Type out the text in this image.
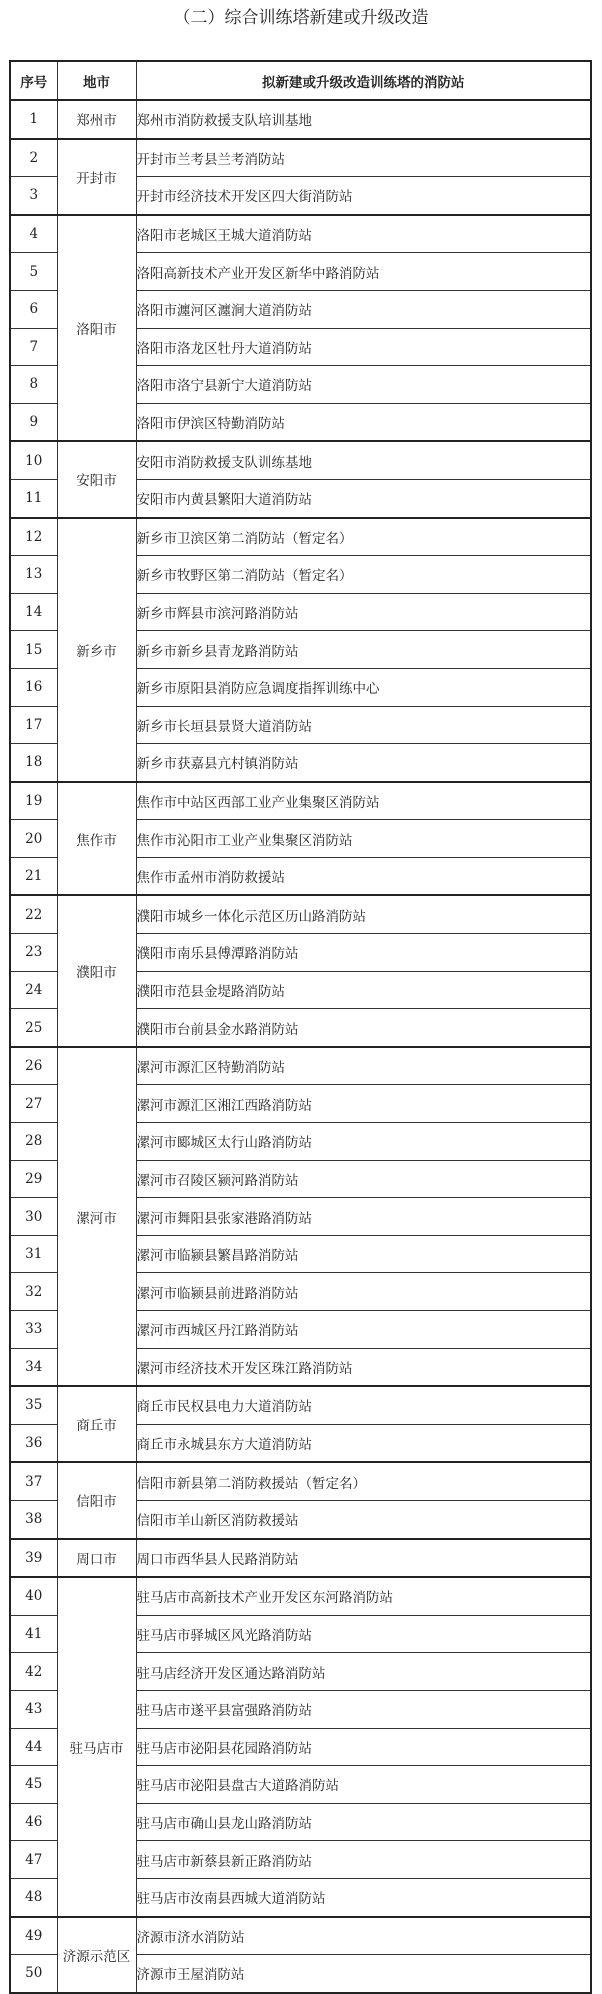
（二）综合训练塔新建或升级改造
序号	地市	拟新建或升级改造训练塔的消防站
1	郑州市	郑州市消防救援支队培训基地
2	开封市	开封市兰考县兰考消防站
3		开封市经济技术开发区四大街消防站
4	洛阳市	洛阳市老城区王城大道消防站
5		洛阳高新技术产业开发区新华中路消防站
6		洛阳市瀍河区瀍涧大道消防站
7		洛阳市洛龙区牡丹大道消防站
8		洛阳市洛宁县新宁大道消防站
9		洛阳市伊滨区特勤消防站
10	安阳市	安阳市消防救援支队训练基地
11		安阳市内黄县繁阳大道消防站
12	新乡市	新乡市卫滨区第二消防站（暂定名）
13		新乡市牧野区第二消防站（暂定名）
14		新乡市辉县市滨河路消防站
15		新乡市新乡县青龙路消防站
16		新乡市原阳县消防应急调度指挥训练中心
17		新乡市长垣县景贤大道消防站
18		新乡市获嘉县亢村镇消防站
19	焦作市	焦作市中站区西部工业产业集聚区消防站
20		焦作市沁阳市工业产业集聚区消防站
21		焦作市孟州市消防救援站
22	濮阳市	濮阳市城乡一体化示范区历山路消防站
23		濮阳市南乐县傅潭路消防站
24		濮阳市范县金堤路消防站
25		濮阳市台前县金水路消防站
26	漯河市	漯河市源汇区特勤消防站
27		漯河市源汇区湘江西路消防站
28		漯河市郾城区太行山路消防站
29		漯河市召陵区颍河路消防站
30		漯河市舞阳县张家港路消防站
31		漯河市临颍县繁昌路消防站
32		漯河市临颍县前进路消防站
33		漯河市西城区丹江路消防站
34		漯河市经济技术开发区珠江路消防站
35	商丘市	商丘市民权县电力大道消防站
36		商丘市永城县东方大道消防站
37	信阳市	信阳市新县第二消防救援站（暂定名）
38		信阳市羊山新区消防救援站
39	周口市	周口市西华县人民路消防站
40	驻马店市	驻马店市高新技术产业开发区东河路消防站
41		驻马店市驿城区风光路消防站
42		驻马店经济开发区通达路消防站
43		驻马店市遂平县富强路消防站
44		驻马店市泌阳县花园路消防站
45		驻马店市泌阳县盘古大道路消防站
46		驻马店市确山县龙山路消防站
47		驻马店市新蔡县新正路消防站
48		驻马店市汝南县西城大道消防站
49	济源示范区	济源市济水消防站
50		济源市王屋消防站
